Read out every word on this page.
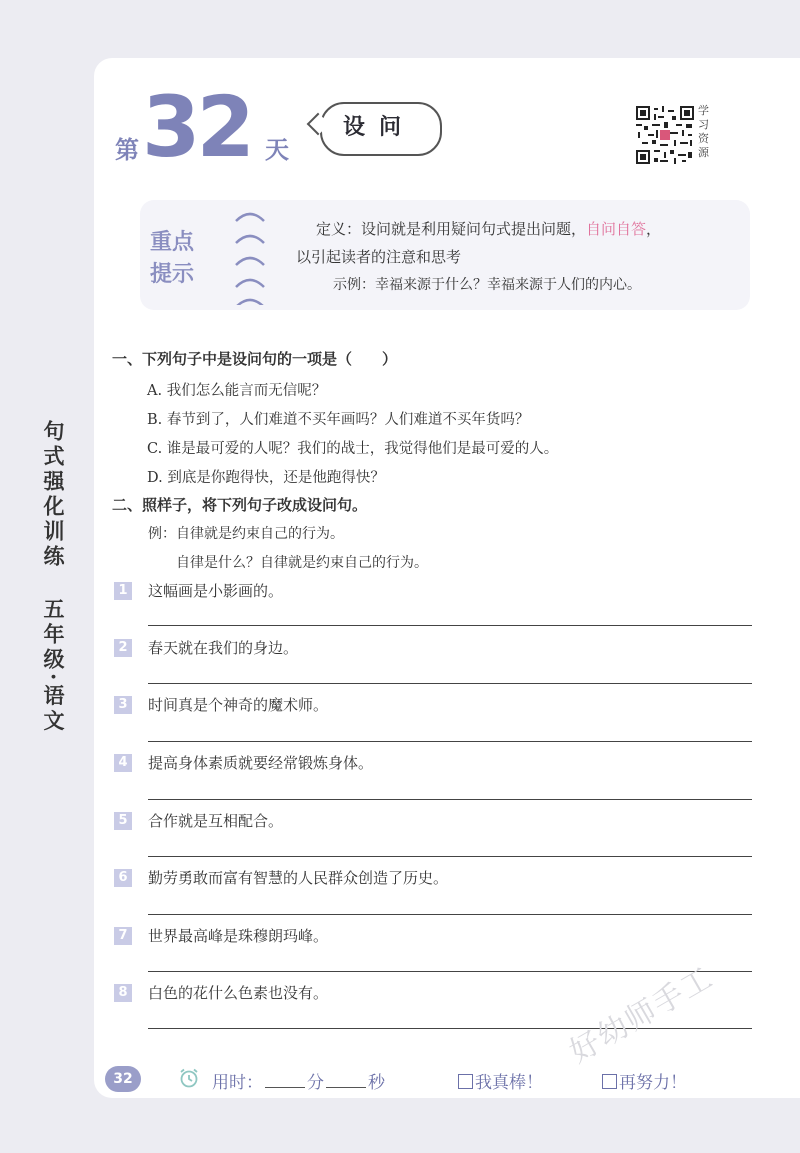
句式强化训练
五年级·语文
第 32 天
设问
学习资源
重点提示
定义：设问就是利用疑问句式提出问题，自问自答，
以引起读者的注意和思考
示例：幸福来源于什么？幸福来源于人们的内心。
一、下列句子中是设问句的一项是（　　）
A. 我们怎么能言而无信呢？
B. 春节到了，人们难道不买年画吗？人们难道不买年货吗？
C. 谁是最可爱的人呢？我们的战士，我觉得他们是最可爱的人。
D. 到底是你跑得快，还是他跑得快？
二、照样子，将下列句子改成设问句。
例：自律就是约束自己的行为。
自律是什么？自律就是约束自己的行为。
1 这幅画是小影画的。
2 春天就在我们的身边。
3 时间真是个神奇的魔术师。
4 提高身体素质就要经常锻炼身体。
5 合作就是互相配合。
6 勤劳勇敢而富有智慧的人民群众创造了历史。
7 世界最高峰是珠穆朗玛峰。
8 白色的花什么色素也没有。	好幼师手工
32	用时：	分	秒	我真棒！	再努力！
